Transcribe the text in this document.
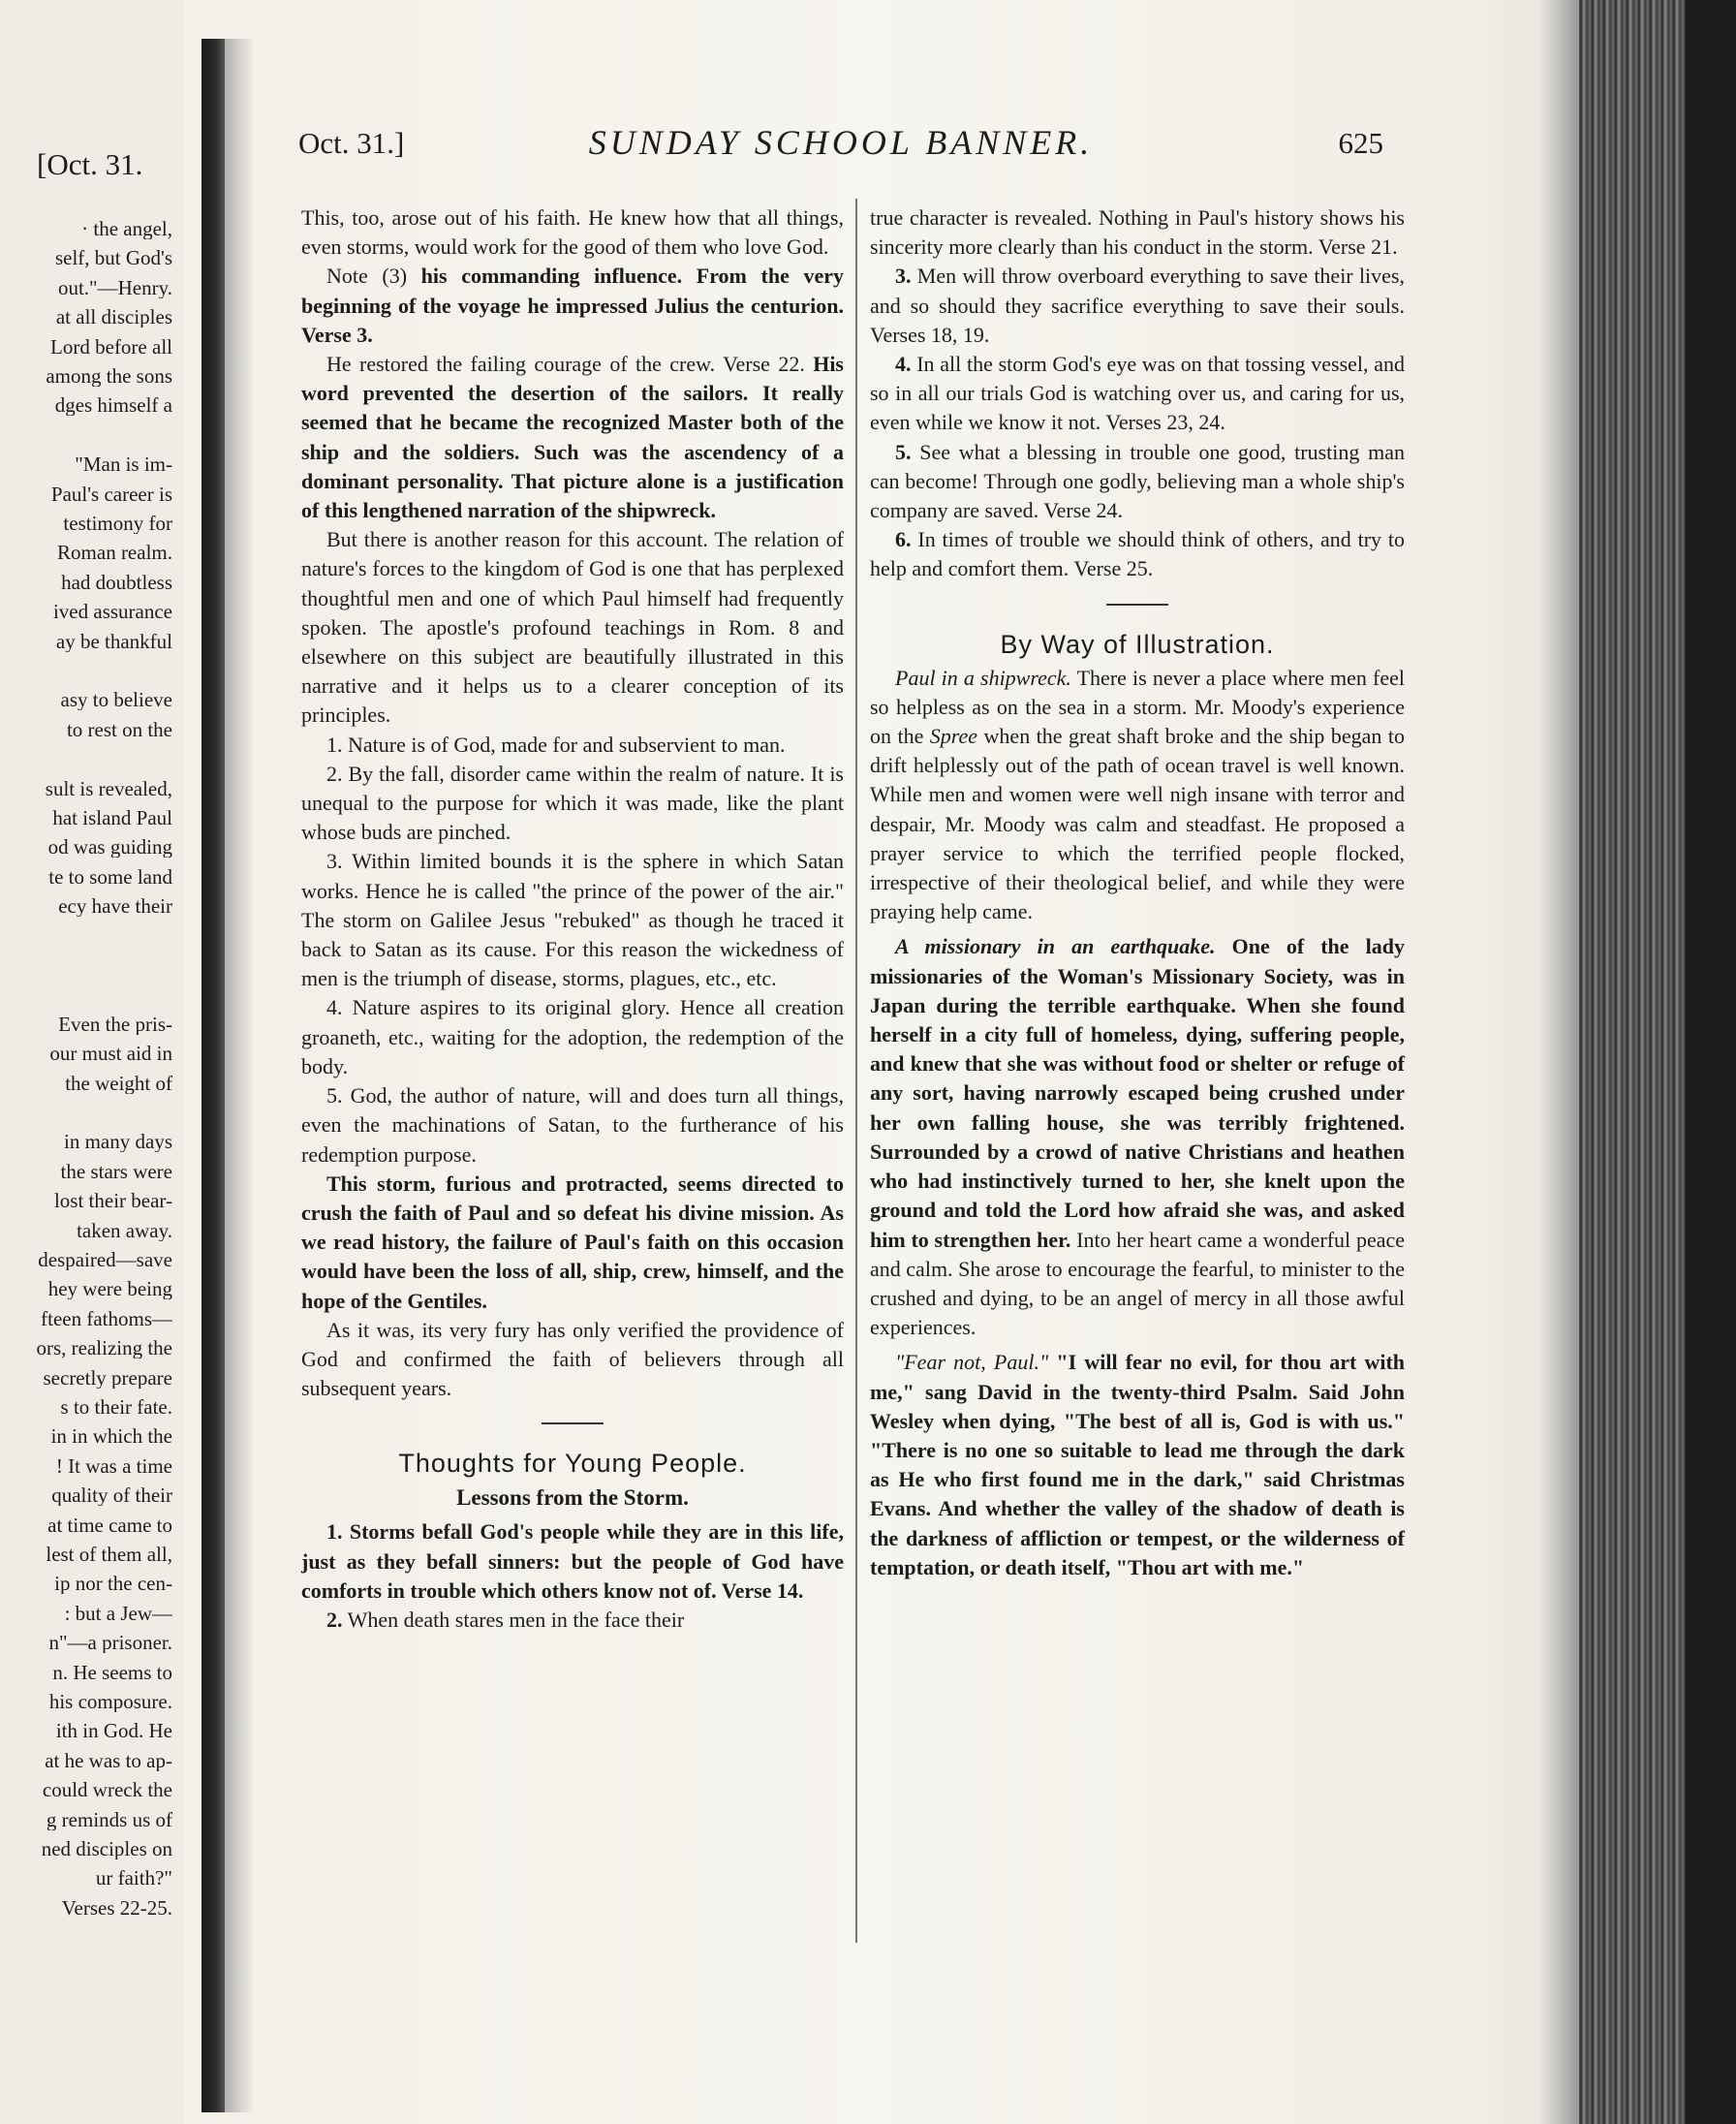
[Oct. 31.
· the angel,
self, but God's
out."—Henry.
at all disciples
Lord before all
among the sons
dges himself a
"Man is im-
Paul's career is
testimony for
Roman realm.
had doubtless
ived assurance
ay be thankful
asy to believe
to rest on the
sult is revealed,
hat island Paul
od was guiding
te to some land
ecy have their
Even the pris-
our must aid in
the weight of
in many days
the stars were
lost their bear-
taken away.
despaired—save
hey were being
fteen fathoms—
ors, realizing the
secretly prepare
s to their fate.
in in which the
! It was a time
quality of their
at time came to
lest of them all,
ip nor the cen-
: but a Jew—
n"—a prisoner.
n. He seems to
his composure.
ith in God. He
at he was to ap-
could wreck the
g reminds us of
ned disciples on
ur faith?"
Verses 22-25.
Oct. 31.]	SUNDAY SCHOOL BANNER.	625

This, too, arose out of his faith. He knew how that all things, even storms, would work for the good of them who love God.

Note (3) his commanding influence. From the very beginning of the voyage he impressed Julius the centurion. Verse 3.

He restored the failing courage of the crew. Verse 22. His word prevented the desertion of the sailors. It really seemed that he became the recognized Master both of the ship and the soldiers. Such was the ascendency of a dominant personality. That picture alone is a justification of this lengthened narration of the shipwreck.

But there is another reason for this account. The relation of nature's forces to the kingdom of God is one that has perplexed thoughtful men and one of which Paul himself had frequently spoken. The apostle's profound teachings in Rom. 8 and elsewhere on this subject are beautifully illustrated in this narrative and it helps us to a clearer conception of its principles.

1. Nature is of God, made for and subservient to man.

2. By the fall, disorder came within the realm of nature. It is unequal to the purpose for which it was made, like the plant whose buds are pinched.

3. Within limited bounds it is the sphere in which Satan works. Hence he is called "the prince of the power of the air." The storm on Galilee Jesus "rebuked" as though he traced it back to Satan as its cause. For this reason the wickedness of men is the triumph of disease, storms, plagues, etc., etc.

4. Nature aspires to its original glory. Hence all creation groaneth, etc., waiting for the adoption, the redemption of the body.

5. God, the author of nature, will and does turn all things, even the machinations of Satan, to the furtherance of his redemption purpose.

This storm, furious and protracted, seems directed to crush the faith of Paul and so defeat his divine mission. As we read history, the failure of Paul's faith on this occasion would have been the loss of all, ship, crew, himself, and the hope of the Gentiles.

As it was, its very fury has only verified the providence of God and confirmed the faith of believers through all subsequent years.

Thoughts for Young People.
Lessons from the Storm.

1. Storms befall God's people while they are in this life, just as they befall sinners: but the people of God have comforts in trouble which others know not of. Verse 14.

2. When death stares men in the face their

true character is revealed. Nothing in Paul's history shows his sincerity more clearly than his conduct in the storm. Verse 21.

3. Men will throw overboard everything to save their lives, and so should they sacrifice everything to save their souls. Verses 18, 19.

4. In all the storm God's eye was on that tossing vessel, and so in all our trials God is watching over us, and caring for us, even while we know it not. Verses 23, 24.

5. See what a blessing in trouble one good, trusting man can become! Through one godly, believing man a whole ship's company are saved. Verse 24.

6. In times of trouble we should think of others, and try to help and comfort them. Verse 25.

By Way of Illustration.

Paul in a shipwreck. There is never a place where men feel so helpless as on the sea in a storm. Mr. Moody's experience on the Spree when the great shaft broke and the ship began to drift helplessly out of the path of ocean travel is well known. While men and women were well nigh insane with terror and despair, Mr. Moody was calm and steadfast. He proposed a prayer service to which the terrified people flocked, irrespective of their theological belief, and while they were praying help came.

A missionary in an earthquake. One of the lady missionaries of the Woman's Missionary Society, was in Japan during the terrible earthquake. When she found herself in a city full of homeless, dying, suffering people, and knew that she was without food or shelter or refuge of any sort, having narrowly escaped being crushed under her own falling house, she was terribly frightened. Surrounded by a crowd of native Christians and heathen who had instinctively turned to her, she knelt upon the ground and told the Lord how afraid she was, and asked him to strengthen her. Into her heart came a wonderful peace and calm. She arose to encourage the fearful, to minister to the crushed and dying, to be an angel of mercy in all those awful experiences.

"Fear not, Paul." "I will fear no evil, for thou art with me," sang David in the twenty-third Psalm. Said John Wesley when dying, "The best of all is, God is with us." "There is no one so suitable to lead me through the dark as He who first found me in the dark," said Christmas Evans. And whether the valley of the shadow of death is the darkness of affliction or tempest, or the wilderness of temptation, or death itself, "Thou art with me."
